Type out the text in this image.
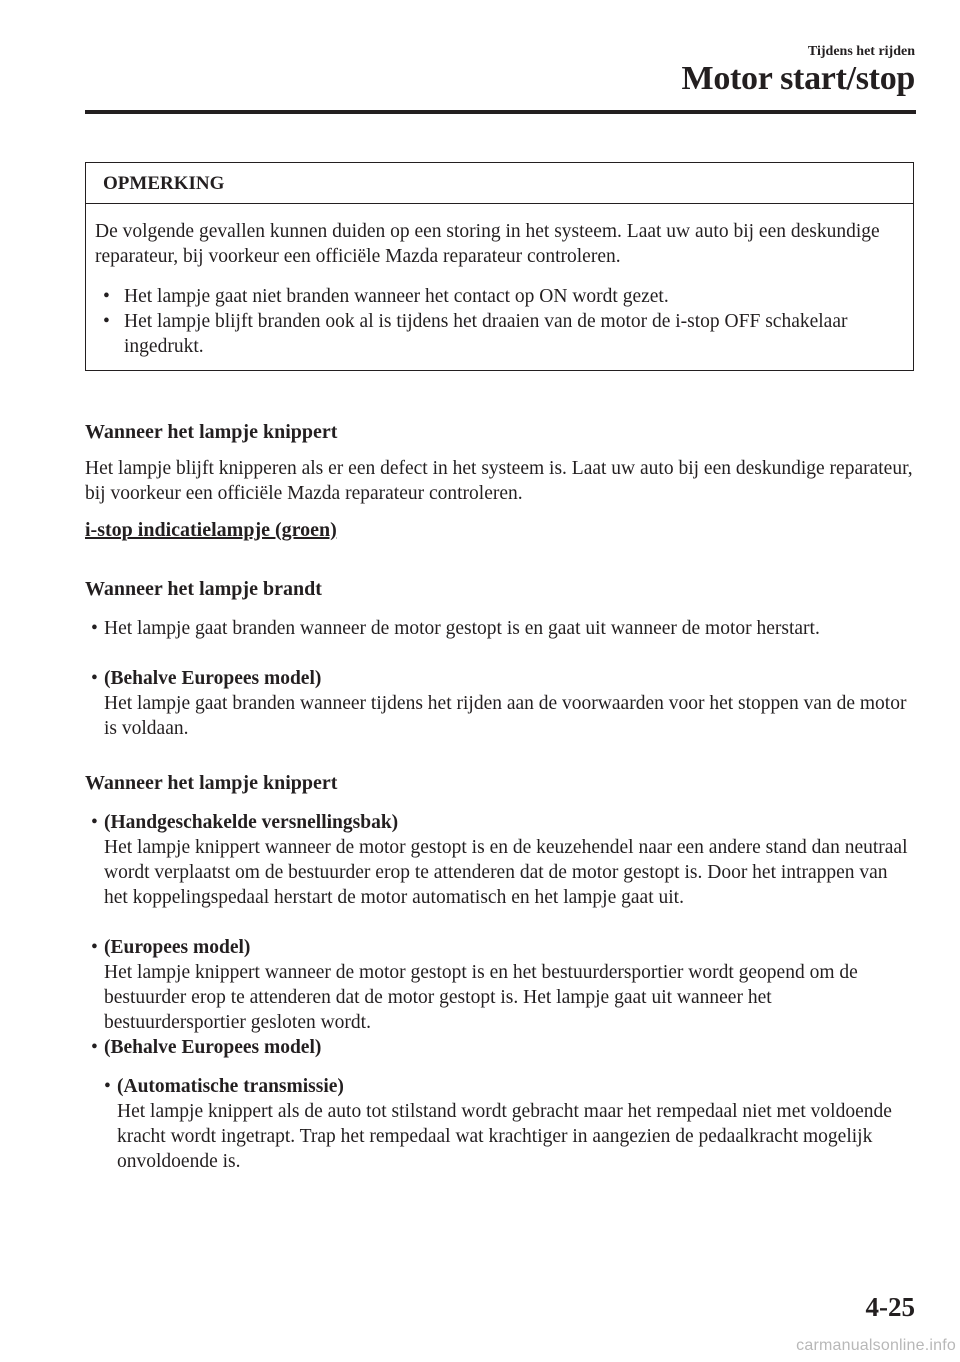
Tijdens het rijden
Motor start/stop
OPMERKING
De volgende gevallen kunnen duiden op een storing in het systeem. Laat uw auto bij een deskundige reparateur, bij voorkeur een officiële Mazda reparateur controleren.
• Het lampje gaat niet branden wanneer het contact op ON wordt gezet.
• Het lampje blijft branden ook al is tijdens het draaien van de motor de i-stop OFF schakelaar ingedrukt.
Wanneer het lampje knippert
Het lampje blijft knipperen als er een defect in het systeem is. Laat uw auto bij een deskundige reparateur, bij voorkeur een officiële Mazda reparateur controleren.
i-stop indicatielampje (groen)
Wanneer het lampje brandt
• Het lampje gaat branden wanneer de motor gestopt is en gaat uit wanneer de motor herstart.
• (Behalve Europees model)
Het lampje gaat branden wanneer tijdens het rijden aan de voorwaarden voor het stoppen van de motor is voldaan.
Wanneer het lampje knippert
• (Handgeschakelde versnellingsbak)
Het lampje knippert wanneer de motor gestopt is en de keuzehendel naar een andere stand dan neutraal wordt verplaatst om de bestuurder erop te attenderen dat de motor gestopt is. Door het intrappen van het koppelingspedaal herstart de motor automatisch en het lampje gaat uit.
• (Europees model)
Het lampje knippert wanneer de motor gestopt is en het bestuurdersportier wordt geopend om de bestuurder erop te attenderen dat de motor gestopt is. Het lampje gaat uit wanneer het bestuurdersportier gesloten wordt.
• (Behalve Europees model)
• (Automatische transmissie)
Het lampje knippert als de auto tot stilstand wordt gebracht maar het rempedaal niet met voldoende kracht wordt ingetrapt. Trap het rempedaal wat krachtiger in aangezien de pedaalkracht mogelijk onvoldoende is.
4-25
carmanualsonline.info
